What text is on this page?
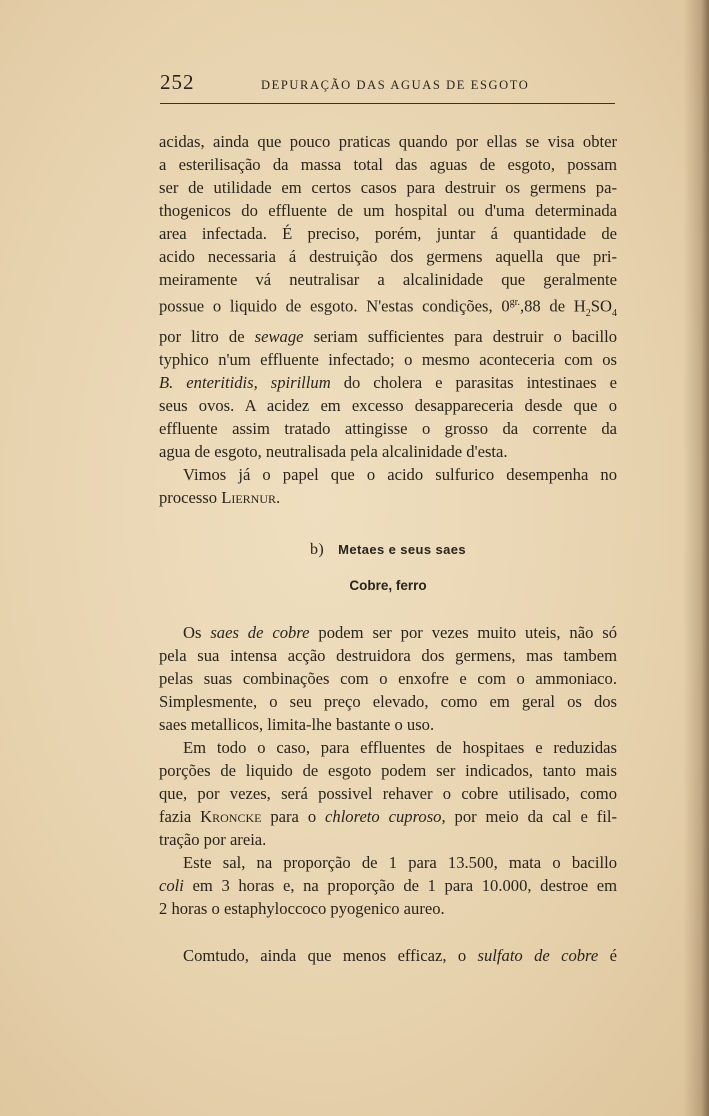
252	DEPURAÇÃO DAS AGUAS DE ESGOTO

acidas, ainda que pouco praticas quando por ellas se visa obter
a esterilisação da massa total das aguas de esgoto, possam
ser de utilidade em certos casos para destruir os germens pa-
thogenicos do effluente de um hospital ou d'uma determinada
area infectada. É preciso, porém, juntar á quantidade de
acido necessaria á destruição dos germens aquella que pri-
meiramente vá neutralisar a alcalinidade que geralmente
possue o liquido de esgoto. N'estas condições, $0^{gr.},88$ de $H_2SO_4$
por litro de sewage seriam sufficientes para destruir o bacillo
typhico n'um effluente infectado; o mesmo aconteceria com os
B. enteritidis, spirillum do cholera e parasitas intestinaes e
seus ovos. A acidez em excesso desappareceria desde que o
effluente assim tratado attingisse o grosso da corrente da
agua de esgoto, neutralisada pela alcalinidade d'esta.

Vimos já o papel que o acido sulfurico desempenha no
processo Liernur.

b) Metaes e seus saes
Cobre, ferro

Os saes de cobre podem ser por vezes muito uteis, não só
pela sua intensa acção destruidora dos germens, mas tambem
pelas suas combinações com o enxofre e com o ammoniaco.
Simplesmente, o seu preço elevado, como em geral os dos
saes metallicos, limita-lhe bastante o uso.

Em todo o caso, para effluentes de hospitaes e reduzidas
porções de liquido de esgoto podem ser indicados, tanto mais
que, por vezes, será possivel rehaver o cobre utilisado, como
fazia Kroncke para o chloreto cuproso, por meio da cal e fil-
tração por areia.

Este sal, na proporção de 1 para 13.500, mata o bacillo
coli em 3 horas e, na proporção de 1 para 10.000, destroe em
2 horas o estaphyloccoco pyogenico aureo.

Comtudo, ainda que menos efficaz, o sulfato de cobre é
